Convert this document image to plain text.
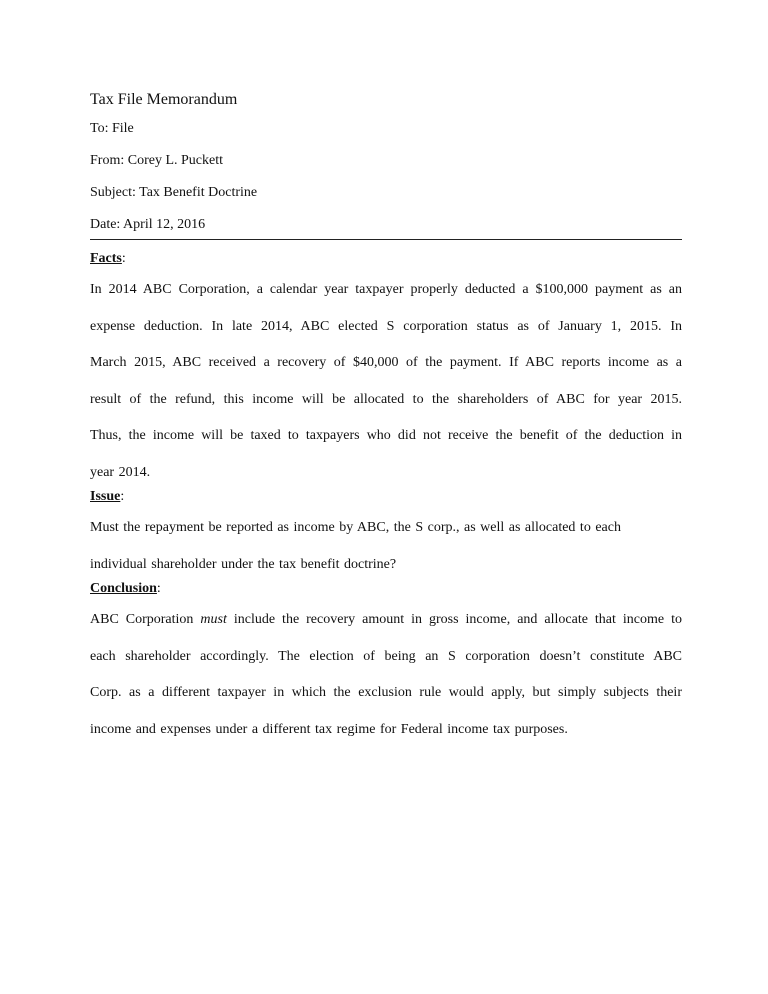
Tax File Memorandum
To: File
From: Corey L. Puckett
Subject: Tax Benefit Doctrine
Date: April 12, 2016
Facts:
In 2014 ABC Corporation, a calendar year taxpayer properly deducted a $100,000 payment as an
expense deduction. In late 2014, ABC elected S corporation status as of January 1, 2015. In
March 2015, ABC received a recovery of $40,000 of the payment. If ABC reports income as a
result of the refund, this income will be allocated to the shareholders of ABC for year 2015.
Thus, the income will be taxed to taxpayers who did not receive the benefit of the deduction in
year 2014.
Issue:
Must the repayment be reported as income by ABC, the S corp., as well as allocated to each
individual shareholder under the tax benefit doctrine?
Conclusion:
ABC Corporation must include the recovery amount in gross income, and allocate that income to
each shareholder accordingly. The election of being an S corporation doesn’t constitute ABC
Corp. as a different taxpayer in which the exclusion rule would apply, but simply subjects their
income and expenses under a different tax regime for Federal income tax purposes.
